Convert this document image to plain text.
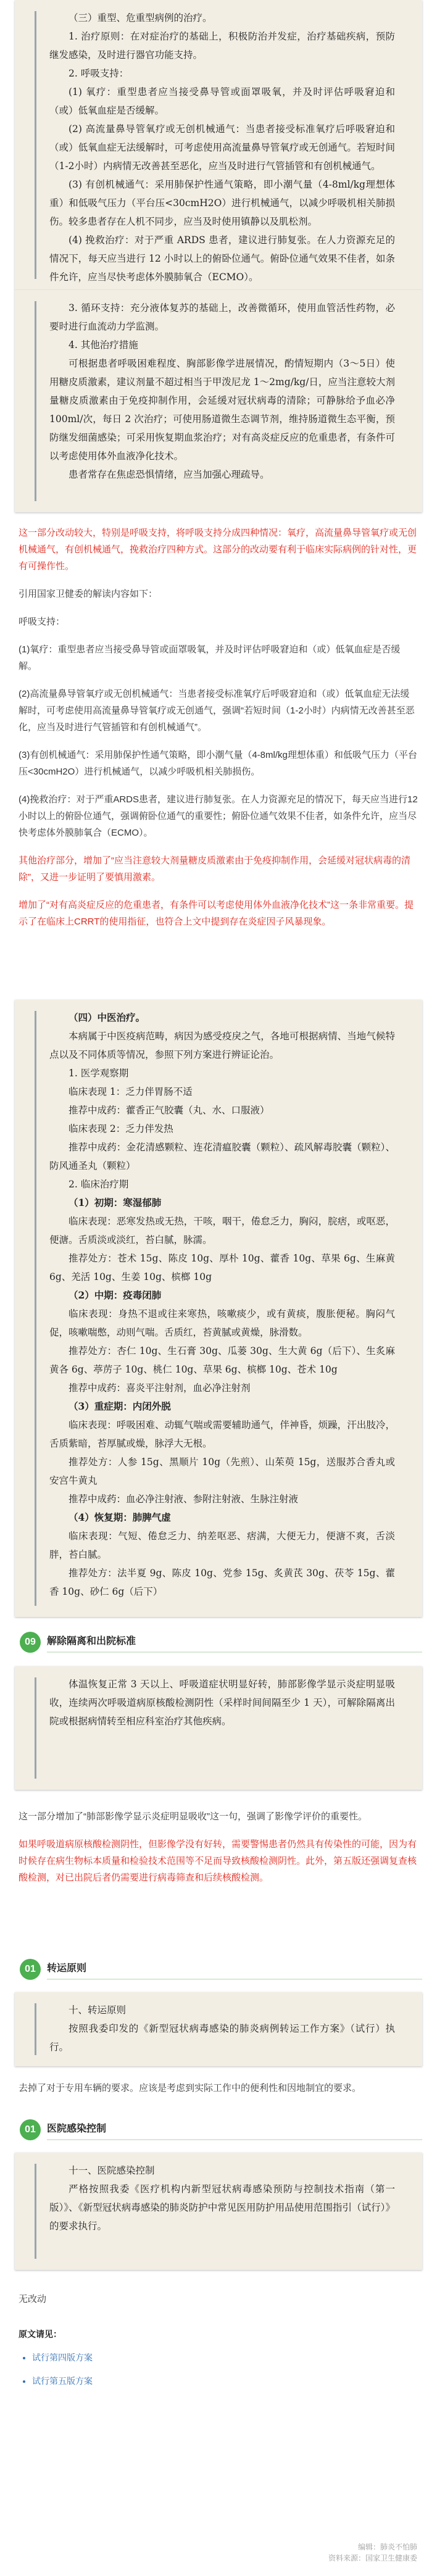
（三）重型、危重型病例的治疗。

1. 治疗原则：在对症治疗的基础上，积极防治并发症，治疗基础疾病，预防继发感染，及时进行器官功能支持。

2. 呼吸支持：

(1) 氧疗：重型患者应当接受鼻导管或面罩吸氧，并及时评估呼吸窘迫和（或）低氧血症是否缓解。

(2) 高流量鼻导管氧疗或无创机械通气：当患者接受标准氧疗后呼吸窘迫和（或）低氧血症无法缓解时，可考虑使用高流量鼻导管氧疗或无创通气。若短时间（1-2小时）内病情无改善甚至恶化，应当及时进行气管插管和有创机械通气。

(3) 有创机械通气：采用肺保护性通气策略，即小潮气量（4-8ml/kg理想体重）和低吸气压力（平台压<30cmH2O）进行机械通气，以减少呼吸机相关肺损伤。较多患者存在人机不同步，应当及时使用镇静以及肌松剂。

(4) 挽救治疗：对于严重 ARDS 患者，建议进行肺复张。在人力资源充足的情况下，每天应当进行 12 小时以上的俯卧位通气。俯卧位通气效果不佳者，如条件允许，应当尽快考虑体外膜肺氧合（ECMO）。

3. 循环支持：充分液体复苏的基础上，改善微循环，使用血管活性药物，必要时进行血流动力学监测。

4. 其他治疗措施

可根据患者呼吸困难程度、胸部影像学进展情况，酌情短期内（3～5日）使用糖皮质激素，建议剂量不超过相当于甲泼尼龙 1～2mg/kg/日，应当注意较大剂量糖皮质激素由于免疫抑制作用，会延缓对冠状病毒的清除；可静脉给予血必净 100ml/次，每日 2 次治疗；可使用肠道微生态调节剂，维持肠道微生态平衡，预防继发细菌感染；可采用恢复期血浆治疗；对有高炎症反应的危重患者，有条件可以考虑使用体外血液净化技术。

患者常存在焦虑恐惧情绪，应当加强心理疏导。

这一部分改动较大，特别是呼吸支持，将呼吸支持分成四种情况：氧疗，高流量鼻导管氧疗或无创机械通气，有创机械通气，挽救治疗四种方式。这部分的改动要有利于临床实际病例的针对性，更有可操作性。

引用国家卫健委的解读内容如下：

呼吸支持：

(1)氧疗：重型患者应当接受鼻导管或面罩吸氧，并及时评估呼吸窘迫和（或）低氧血症是否缓解。

(2)高流量鼻导管氧疗或无创机械通气：当患者接受标准氧疗后呼吸窘迫和（或）低氧血症无法缓解时，可考虑使用高流量鼻导管氧疗或无创通气，强调“若短时间（1-2小时）内病情无改善甚至恶化，应当及时进行气管插管和有创机械通气”。

(3)有创机械通气：采用肺保护性通气策略，即小潮气量（4-8ml/kg理想体重）和低吸气压力（平台压<30cmH2O）进行机械通气，以减少呼吸机相关肺损伤。

(4)挽救治疗：对于严重ARDS患者，建议进行肺复张。在人力资源充足的情况下，每天应当进行12小时以上的俯卧位通气，强调俯卧位通气的重要性；俯卧位通气效果不佳者，如条件允许，应当尽快考虑体外膜肺氧合（ECMO）。

其他治疗部分，增加了“应当注意较大剂量糖皮质激素由于免疫抑制作用，会延缓对冠状病毒的清除”，又进一步证明了要慎用激素。

增加了“对有高炎症反应的危重患者，有条件可以考虑使用体外血液净化技术”这一条非常重要。提示了在临床上CRRT的使用指征，也符合上文中提到存在炎症因子风暴现象。

（四）中医治疗。

本病属于中医疫病范畴，病因为感受疫戾之气，各地可根据病情、当地气候特点以及不同体质等情况，参照下列方案进行辨证论治。

1. 医学观察期

临床表现 1：乏力伴胃肠不适

推荐中成药：藿香正气胶囊（丸、水、口服液）

临床表现 2：乏力伴发热

推荐中成药：金花清感颗粒、连花清瘟胶囊（颗粒）、疏风解毒胶囊（颗粒）、防风通圣丸（颗粒）

2. 临床治疗期

（1）初期：寒湿郁肺

临床表现：恶寒发热或无热，干咳，咽干，倦怠乏力，胸闷，脘痞，或呕恶，便溏。舌质淡或淡红，苔白腻，脉濡。

推荐处方：苍术 15g、陈皮 10g、厚朴 10g、藿香 10g、草果 6g、生麻黄 6g、羌活 10g、生姜 10g、槟榔 10g

（2）中期：疫毒闭肺

临床表现：身热不退或往来寒热，咳嗽痰少，或有黄痰，腹胀便秘。胸闷气促，咳嗽喘憋，动则气喘。舌质红，苔黄腻或黄燥，脉滑数。

推荐处方：杏仁 10g、生石膏 30g、瓜蒌 30g、生大黄 6g（后下）、生炙麻黄各 6g、葶苈子 10g、桃仁 10g、草果 6g、槟榔 10g、苍术 10g

推荐中成药：喜炎平注射剂，血必净注射剂

（3）重症期：内闭外脱

临床表现：呼吸困难、动辄气喘或需要辅助通气，伴神昏，烦躁，汗出肢冷，舌质紫暗，苔厚腻或燥，脉浮大无根。

推荐处方：人参 15g、黑顺片 10g（先煎）、山茱萸 15g，送服苏合香丸或安宫牛黄丸

推荐中成药：血必净注射液、参附注射液、生脉注射液

（4）恢复期：肺脾气虚

临床表现：气短、倦怠乏力、纳差呕恶、痞满，大便无力，便溏不爽，舌淡胖，苔白腻。

推荐处方：法半夏 9g、陈皮 10g、党参 15g、炙黄芪 30g、茯苓 15g、藿香 10g、砂仁 6g（后下）

09	解除隔离和出院标准

体温恢复正常 3 天以上、呼吸道症状明显好转，肺部影像学显示炎症明显吸收，连续两次呼吸道病原核酸检测阴性（采样时间间隔至少 1 天），可解除隔离出院或根据病情转至相应科室治疗其他疾病。

这一部分增加了“肺部影像学显示炎症明显吸收”这一句，强调了影像学评价的重要性。

如果呼吸道病原核酸检测阴性，但影像学没有好转，需要警惕患者仍然具有传染性的可能，因为有时候存在病生物标本质量和检验技术范围等不足而导致核酸检测阴性。此外，第五版还强调复查核酸检测，对已出院后者仍需要进行病毒筛查和后续核酸检测。

01	转运原则

十、转运原则

按照我委印发的《新型冠状病毒感染的肺炎病例转运工作方案》（试行）执行。

去掉了对于专用车辆的要求。应该是考虑到实际工作中的便利性和因地制宜的要求。

01	医院感染控制

十一、医院感染控制

严格按照我委《医疗机构内新型冠状病毒感染预防与控制技术指南（第一版）》、《新型冠状病毒感染的肺炎防护中常见医用防护用品使用范围指引（试行）》的要求执行。

无改动

原文请见：
• 试行第四版方案
• 试行第五版方案
编辑：肺炎不怕肺
资料来源：国家卫生健康委
